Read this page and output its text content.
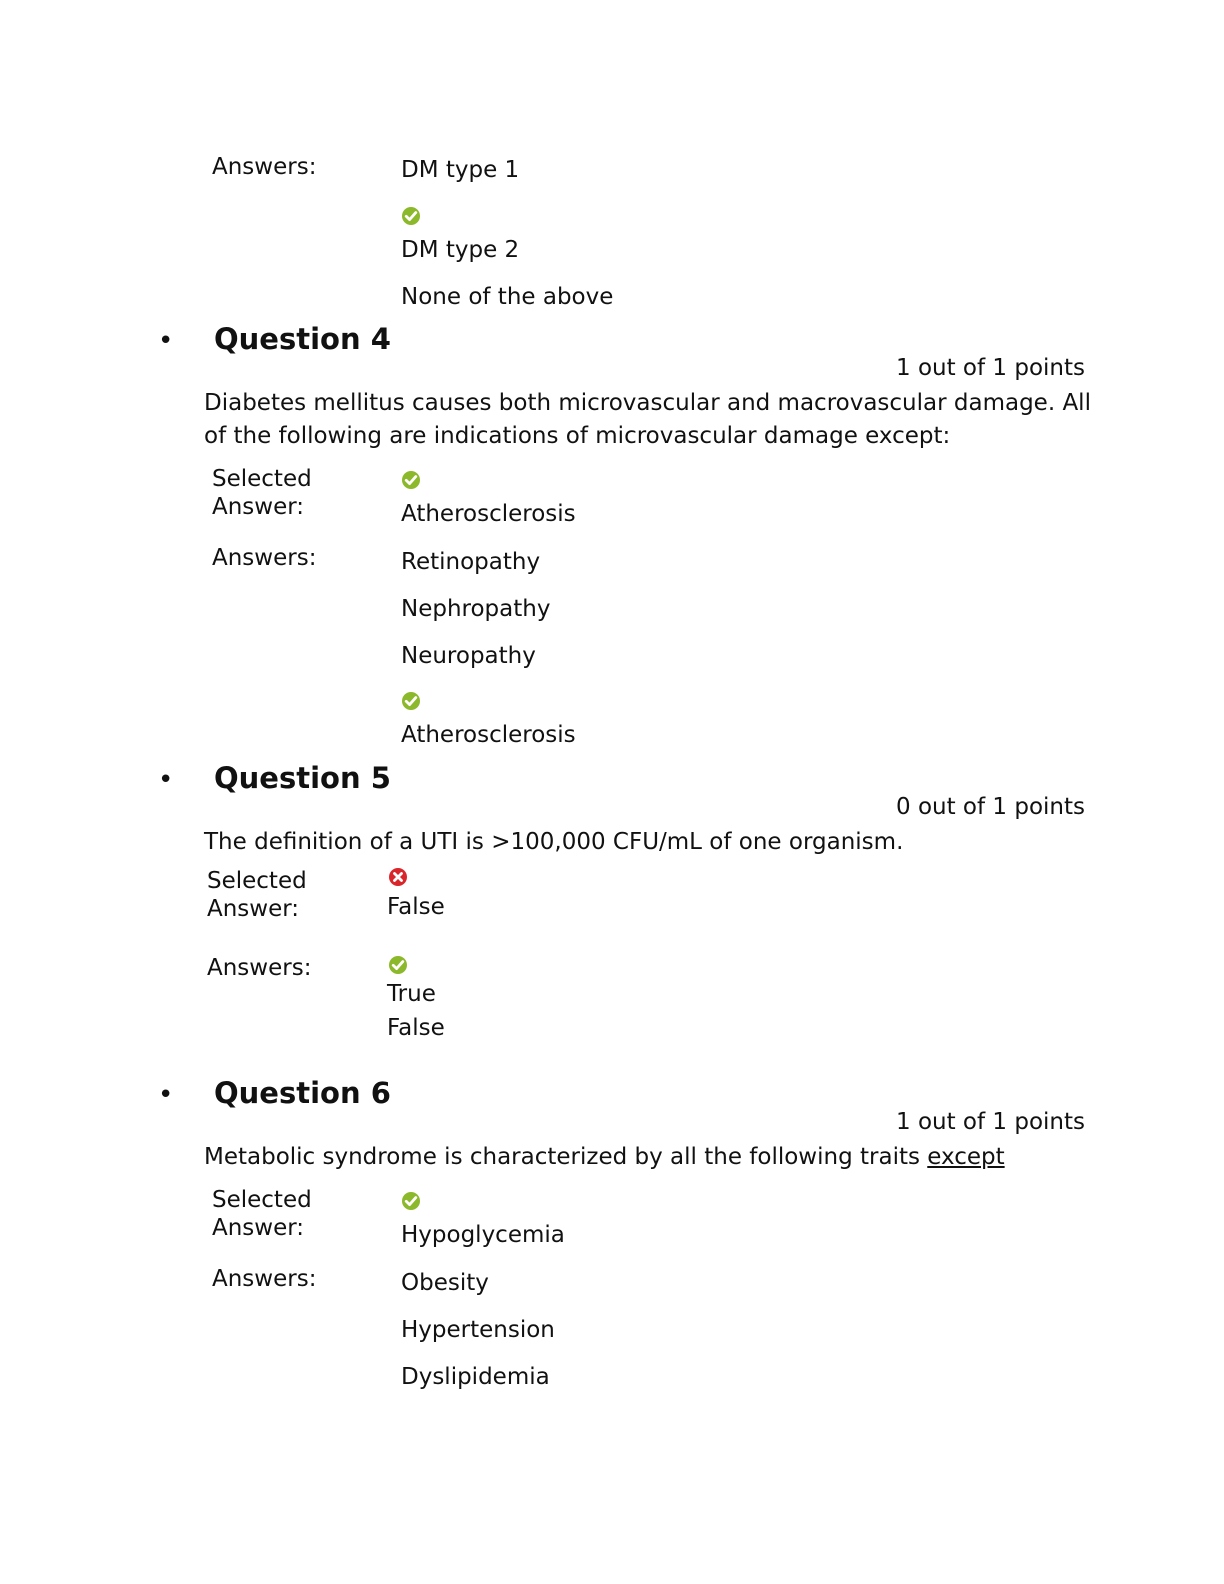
Answers:	DM type 1
DM type 2
None of the above
• Question 4
1 out of 1 points
Diabetes mellitus causes both microvascular and macrovascular damage. All of the following are indications of microvascular damage except:
Selected Answer:	Atherosclerosis
Answers:	Retinopathy
Nephropathy
Neuropathy
Atherosclerosis
• Question 5
0 out of 1 points
The definition of a UTI is >100,000 CFU/mL of one organism.
Selected Answer:	False
Answers:
True
False
• Question 6
1 out of 1 points
Metabolic syndrome is characterized by all the following traits except
Selected Answer:	Hypoglycemia
Answers:	Obesity
Hypertension
Dyslipidemia
